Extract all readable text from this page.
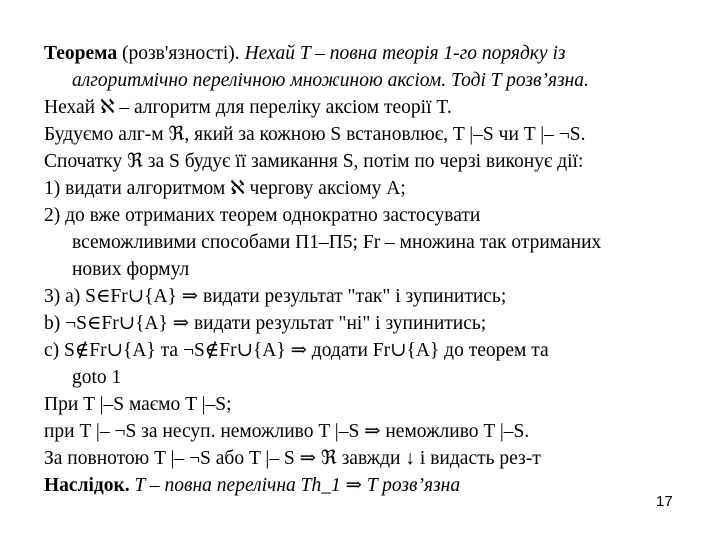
Теорема (розв'язності). Нехай T – повна теорія 1-го порядку із
алгоритмічно перелічною множиною аксіом. Тоді T розв’язна.
Нехай ℵ – алгоритм для переліку аксіом теорії T.
Будуємо алг-м ℜ, який за кожною S встановлює, T |–S чи T |– ¬S.
Спочатку ℜ за S будує її замикання S, потім по черзі виконує дії:
1) видати алгоритмом ℵ чергову аксіому A;
2) до вже отриманих теорем однократно застосувати
всеможливими способами П1–П5; Fr – множина так отриманих
нових формул
3) а) S∈Fr∪{A} ⇒ видати результат "так" і зупинитись;
b) ¬S∈Fr∪{A} ⇒ видати результат "ні" і зупинитись;
c) S∉Fr∪{A} та ¬S∉Fr∪{A} ⇒ додати Fr∪{A} до теорем та
goto 1
При T |–S маємо T |–S;
при T |– ¬S за несуп. неможливо T |–S ⇒ неможливо T |–S.
За повнотою T |– ¬S або T |– S ⇒ ℜ завжди ↓ і видасть рез-т
Наслідок. T – повна перелічна Th_1 ⇒ T розв’язна
17
